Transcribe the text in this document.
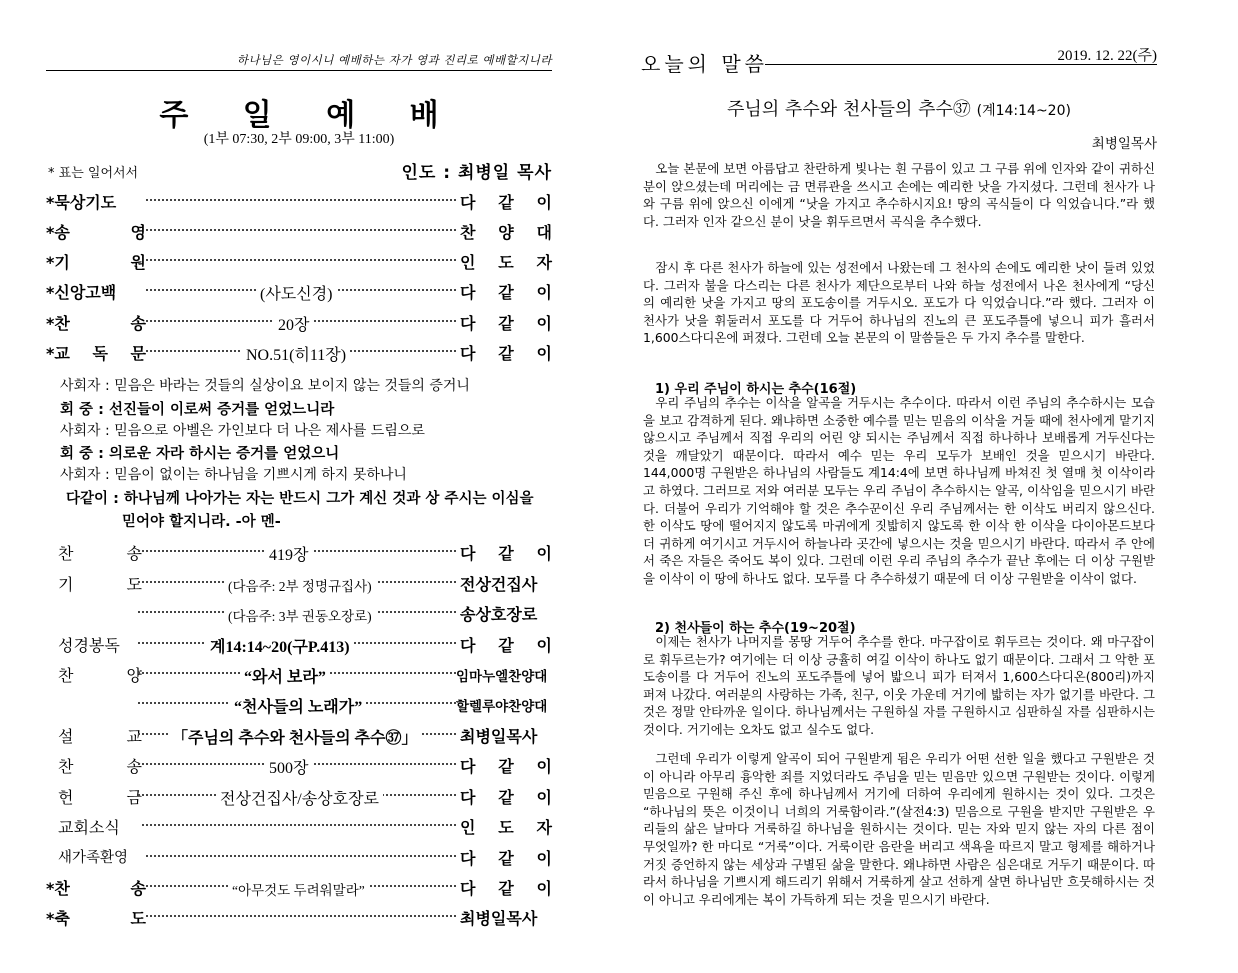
하나님은 영이시니 예배하는 자가 영과 진리로 예배할지니라
주 일 예 배
(1부 07:30, 2부 09:00, 3부 11:00)
* 표는 일어서서	인도 : 최병일 목사
*묵상기도	다 같 이
*송 영	찬 양 대
*기 원	인 도 자
*신앙고백	(사도신경)	다 같 이
*찬 송	20장	다 같 이
*교 독 문	NO.51(히11장)	다 같 이
사회자 : 믿음은 바라는 것들의 실상이요 보이지 않는 것들의 증거니
회 중 : 선진들이 이로써 증거를 얻었느니라
사회자 : 믿음으로 아벨은 가인보다 더 나은 제사를 드림으로
회 중 : 의로운 자라 하시는 증거를 얻었으니
사회자 : 믿음이 없이는 하나님을 기쁘시게 하지 못하나니
다같이 : 하나님께 나아가는 자는 반드시 그가 계신 것과 상 주시는 이심을
믿어야 할지니라. -아 멘-
찬 송	419장	다 같 이
기 도	(다음주: 2부 정명규집사)	전상건집사
(다음주: 3부 권동오장로)	송상호장로
성경봉독	계14:14~20(구P.413)	다 같 이
찬 양	“와서 보라”	임마누엘찬양대
“천사들의 노래가”	할렐루야찬양대
설 교 「주님의 추수와 천사들의 추수㊲」	최병일목사
찬 송	500장	다 같 이
헌 금	전상건집사/송상호장로	다 같 이
교회소식	인 도 자
새가족환영	다 같 이
*찬 송	“아무것도 두려워말라”	다 같 이
*축 도	최병일목사
오늘의 말씀	2019. 12. 22(주)
주님의 추수와 천사들의 추수㊲ (계14:14~20)
최병일목사
오늘 본문에 보면 아름답고 찬란하게 빛나는 흰 구름이 있고 그 구름 위에 인자와 같이 귀하신 분이 앉으셨는데 머리에는 금 면류관을 쓰시고 손에는 예리한 낫을 가지셨다. 그런데 천사가 나와 구름 위에 앉으신 이에게 “낫을 가지고 추수하시지요! 땅의 곡식들이 다 익었습니다.”라 했다. 그러자 인자 같으신 분이 낫을 휘두르면서 곡식을 추수했다.
잠시 후 다른 천사가 하늘에 있는 성전에서 나왔는데 그 천사의 손에도 예리한 낫이 들려 있었다. 그러자 불을 다스리는 다른 천사가 제단으로부터 나와 하늘 성전에서 나온 천사에게 “당신의 예리한 낫을 가지고 땅의 포도송이를 거두시오. 포도가 다 익었습니다.”라 했다. 그러자 이 천사가 낫을 휘둘러서 포도를 다 거두어 하나님의 진노의 큰 포도주틀에 넣으니 피가 흘러서 1,600스다디온에 퍼졌다. 그런데 오늘 본문의 이 말씀들은 두 가지 추수를 말한다.
1) 우리 주님이 하시는 추수(16절)
우리 주님의 추수는 이삭을 알곡을 거두시는 추수이다. 따라서 이런 주님의 추수하시는 모습을 보고 감격하게 된다. 왜냐하면 소중한 예수를 믿는 믿음의 이삭을 거둘 때에 천사에게 맡기지 않으시고 주님께서 직접 우리의 어린 양 되시는 주님께서 직접 하나하나 보배롭게 거두신다는 것을 깨달았기 때문이다. 따라서 예수 믿는 우리 모두가 보배인 것을 믿으시기 바란다. 144,000명 구원받은 하나님의 사람들도 계14:4에 보면 하나님께 바쳐진 첫 열매 첫 이삭이라고 하였다. 그러므로 저와 여러분 모두는 우리 주님이 추수하시는 알곡, 이삭임을 믿으시기 바란다. 더불어 우리가 기억해야 할 것은 추수꾼이신 우리 주님께서는 한 이삭도 버리지 않으신다. 한 이삭도 땅에 떨어지지 않도록 마귀에게 짓밟히지 않도록 한 이삭 한 이삭을 다이아몬드보다 더 귀하게 여기시고 거두시어 하늘나라 곳간에 넣으시는 것을 믿으시기 바란다. 따라서 주 안에서 죽은 자들은 죽어도 복이 있다. 그런데 이런 우리 주님의 추수가 끝난 후에는 더 이상 구원받을 이삭이 이 땅에 하나도 없다. 모두를 다 추수하셨기 때문에 더 이상 구원받을 이삭이 없다.
2) 천사들이 하는 추수(19~20절)
이제는 천사가 나머지를 몽땅 거두어 추수를 한다. 마구잡이로 휘두르는 것이다. 왜 마구잡이로 휘두르는가? 여기에는 더 이상 긍휼히 여길 이삭이 하나도 없기 때문이다. 그래서 그 악한 포도송이를 다 거두어 진노의 포도주틀에 넣어 밟으니 피가 터져서 1,600스다디온(800리)까지 퍼져 나갔다. 여러분의 사랑하는 가족, 친구, 이웃 가운데 거기에 밟히는 자가 없기를 바란다. 그것은 정말 안타까운 일이다. 하나님께서는 구원하실 자를 구원하시고 심판하실 자를 심판하시는 것이다. 거기에는 오차도 없고 실수도 없다.
그런데 우리가 이렇게 알곡이 되어 구원받게 됨은 우리가 어떤 선한 일을 했다고 구원받은 것이 아니라 아무리 흉악한 죄를 지었더라도 주님을 믿는 믿음만 있으면 구원받는 것이다. 이렇게 믿음으로 구원해 주신 후에 하나님께서 거기에 더하여 우리에게 원하시는 것이 있다. 그것은 “하나님의 뜻은 이것이니 너희의 거룩함이라.”(살전4:3) 믿음으로 구원을 받지만 구원받은 우리들의 삶은 날마다 거룩하길 하나님을 원하시는 것이다. 믿는 자와 믿지 않는 자의 다른 점이 무엇일까? 한 마디로 “거룩”이다. 거룩이란 음란을 버리고 색욕을 따르지 말고 형제를 해하거나 거짓 증언하지 않는 세상과 구별된 삶을 말한다. 왜냐하면 사람은 심은대로 거두기 때문이다. 따라서 하나님을 기쁘시게 해드리기 위해서 거룩하게 살고 선하게 살면 하나님만 흐뭇해하시는 것이 아니고 우리에게는 복이 가득하게 되는 것을 믿으시기 바란다.
